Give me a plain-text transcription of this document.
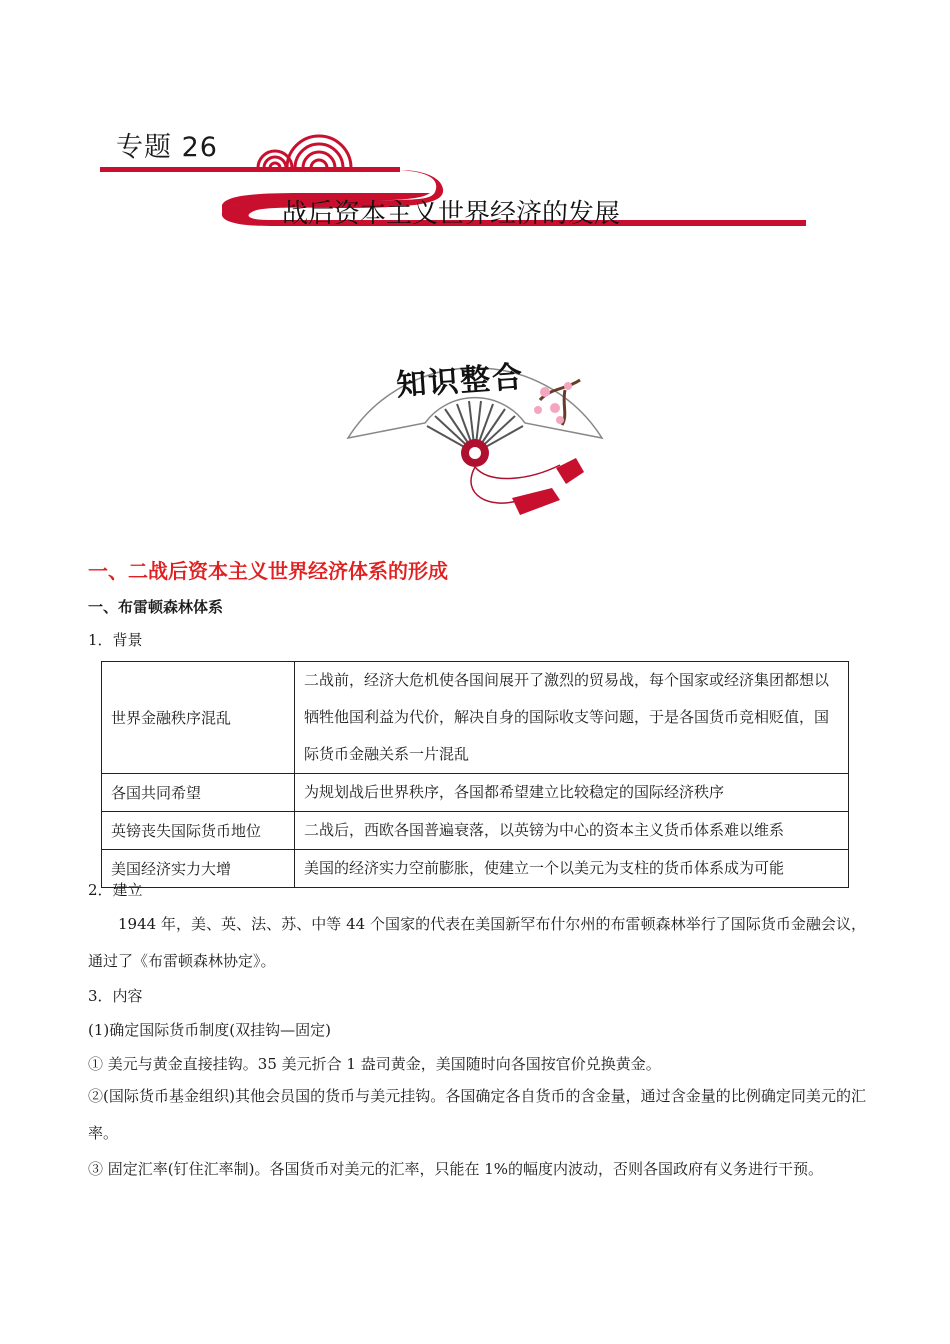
专题 26
战后资本主义世界经济的发展
知识整合
一、二战后资本主义世界经济体系的形成
一、布雷顿森林体系
1．背景
世界金融秩序混乱	二战前，经济大危机使各国间展开了激烈的贸易战，每个国家或经济集团都想以牺牲他国利益为代价，解决自身的国际收支等问题，于是各国货币竞相贬值，国际货币金融关系一片混乱
各国共同希望	为规划战后世界秩序，各国都希望建立比较稳定的国际经济秩序
英镑丧失国际货币地位	二战后，西欧各国普遍衰落，以英镑为中心的资本主义货币体系难以维系
美国经济实力大增	美国的经济实力空前膨胀，使建立一个以美元为支柱的货币体系成为可能
2．建立
1944 年，美、英、法、苏、中等 44 个国家的代表在美国新罕布什尔州的布雷顿森林举行了国际货币金融会议，通过了《布雷顿森林协定》。
3．内容
(1)确定国际货币制度(双挂钩—固定)
① 美元与黄金直接挂钩。35 美元折合 1 盎司黄金，美国随时向各国按官价兑换黄金。
②(国际货币基金组织)其他会员国的货币与美元挂钩。各国确定各自货币的含金量，通过含金量的比例确定同美元的汇率。
③ 固定汇率(钉住汇率制)。各国货币对美元的汇率，只能在 1%的幅度内波动，否则各国政府有义务进行干预。
